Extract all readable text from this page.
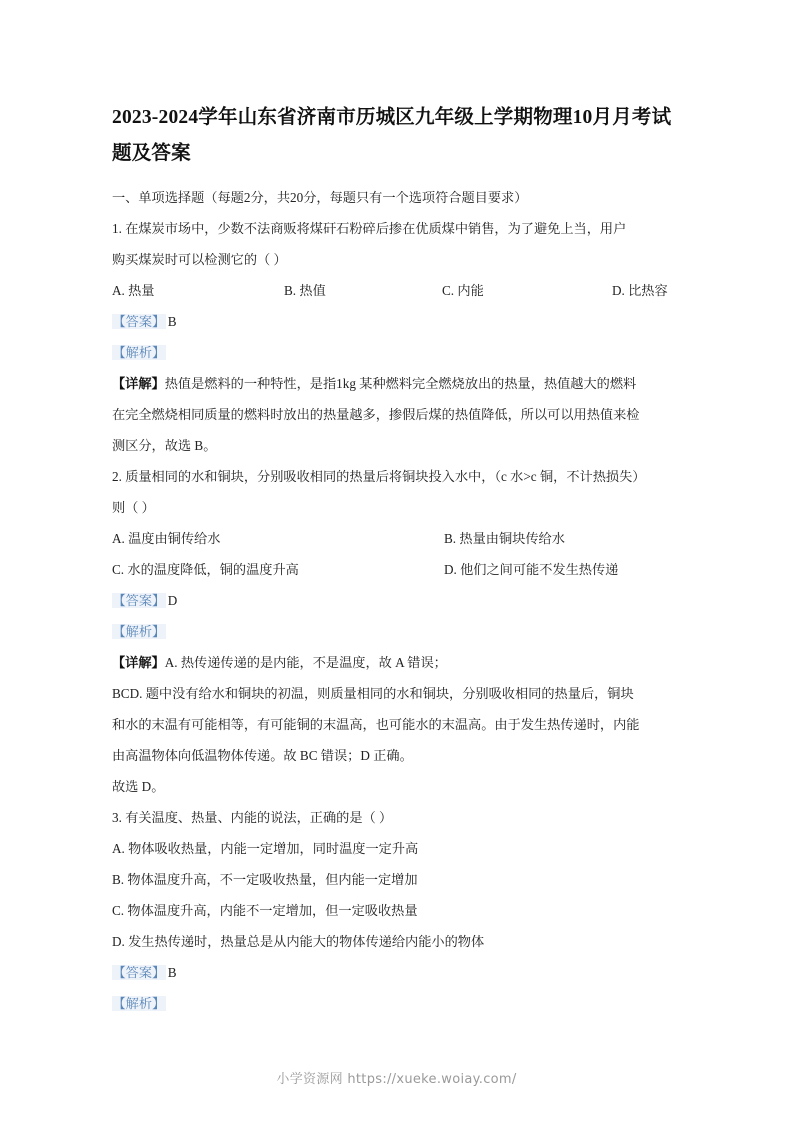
2023-2024学年山东省济南市历城区九年级上学期物理10月月考试题及答案
一、单项选择题（每题2分，共20分，每题只有一个选项符合题目要求）
1. 在煤炭市场中，少数不法商贩将煤矸石粉碎后掺在优质煤中销售，为了避免上当，用户
购买煤炭时可以检测它的（ ）
A. 热量	B. 热值	C. 内能	D. 比热容
【答案】 B
【解析】
【详解】热值是燃料的一种特性，是指1kg 某种燃料完全燃烧放出的热量，热值越大的燃料
在完全燃烧相同质量的燃料时放出的热量越多，掺假后煤的热值降低，所以可以用热值来检
测区分，故选 B。
2. 质量相同的水和铜块，分别吸收相同的热量后将铜块投入水中，（c 水>c 铜，不计热损失）
则（ ）
A. 温度由铜传给水	B. 热量由铜块传给水
C. 水的温度降低，铜的温度升高	D. 他们之间可能不发生热传递
【答案】 D
【解析】
【详解】A. 热传递传递的是内能，不是温度，故 A 错误；
BCD. 题中没有给水和铜块的初温，则质量相同的水和铜块，分别吸收相同的热量后，铜块
和水的末温有可能相等，有可能铜的末温高，也可能水的末温高。由于发生热传递时，内能
由高温物体向低温物体传递。故 BC 错误；D 正确。
故选 D。
3. 有关温度、热量、内能的说法，正确的是（ ）
A. 物体吸收热量，内能一定增加，同时温度一定升高
B. 物体温度升高，不一定吸收热量，但内能一定增加
C. 物体温度升高，内能不一定增加，但一定吸收热量
D. 发生热传递时，热量总是从内能大的物体传递给内能小的物体
【答案】 B
【解析】
小学资源网 https://xueke.woiay.com/
